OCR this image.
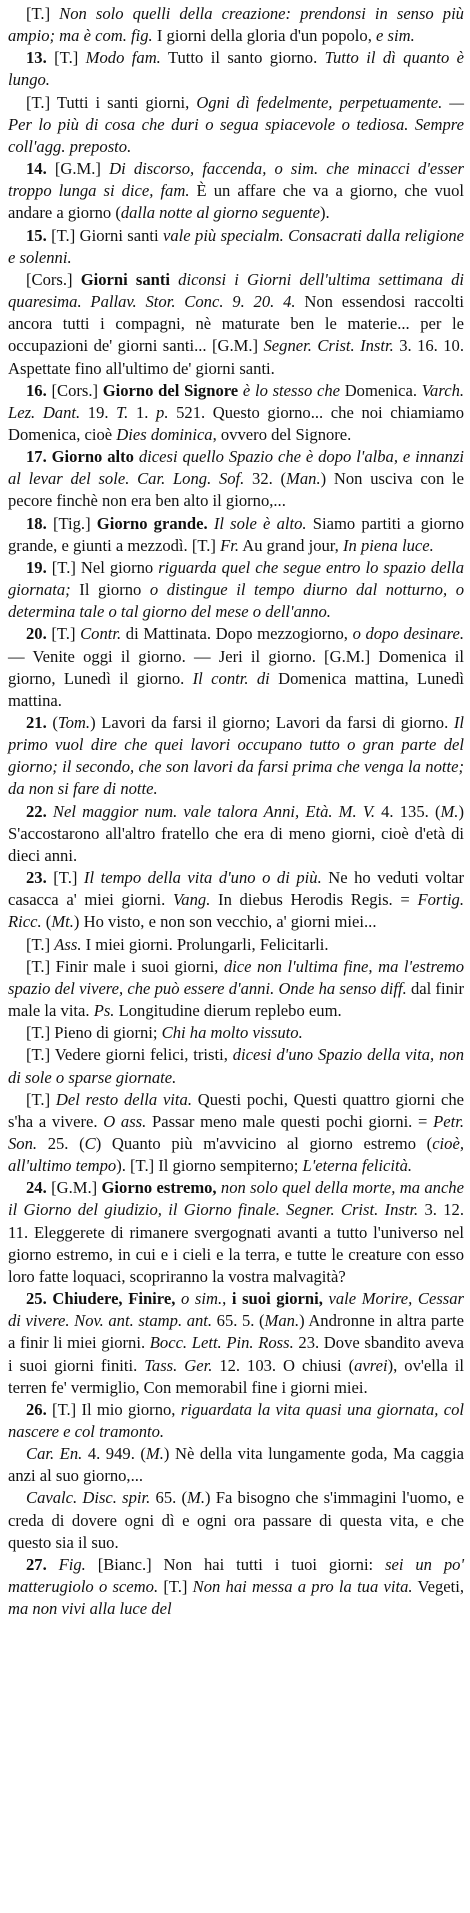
[T.] Non solo quelli della creazione: prendonsi in senso più ampio; ma è com. fig. I giorni della gloria d'un popolo, e sim.

13. [T.] Modo fam. Tutto il santo giorno. Tutto il dì quanto è lungo.

[T.] Tutti i santi giorni, Ogni dì fedelmente, perpetuamente. — Per lo più di cosa che duri o segua spiacevole o tediosa. Sempre coll'agg. preposto.

14. [G.M.] Di discorso, faccenda, o sim. che minacci d'esser troppo lunga si dice, fam. È un affare che va a giorno, che vuol andare a giorno (dalla notte al giorno seguente).

15. [T.] Giorni santi vale più specialm. Consacrati dalla religione e solenni.

[Cors.] Giorni santi diconsi i Giorni dell'ultima settimana di quaresima. Pallav. Stor. Conc. 9. 20. 4. Non essendosi raccolti ancora tutti i compagni, nè maturate ben le materie... per le occupazioni de' giorni santi... [G.M.] Segner. Crist. Instr. 3. 16. 10. Aspettate fino all'ultimo de' giorni santi.

16. [Cors.] Giorno del Signore è lo stesso che Domenica. Varch. Lez. Dant. 19. T. 1. p. 521. Questo giorno... che noi chiamiamo Domenica, cioè Dies dominica, ovvero del Signore.

17. Giorno alto dicesi quello Spazio che è dopo l'alba, e innanzi al levar del sole. Car. Long. Sof. 32. (Man.) Non usciva con le pecore finchè non era ben alto il giorno,...

18. [Tig.] Giorno grande. Il sole è alto. Siamo partiti a giorno grande, e giunti a mezzodì. [T.] Fr. Au grand jour, In piena luce.

19. [T.] Nel giorno riguarda quel che segue entro lo spazio della giornata; Il giorno o distingue il tempo diurno dal notturno, o determina tale o tal giorno del mese o dell'anno.

20. [T.] Contr. di Mattinata. Dopo mezzogiorno, o dopo desinare. — Venite oggi il giorno. — Jeri il giorno. [G.M.] Domenica il giorno, Lunedì il giorno. Il contr. di Domenica mattina, Lunedì mattina.

21. (Tom.) Lavori da farsi il giorno; Lavori da farsi di giorno. Il primo vuol dire che quei lavori occupano tutto o gran parte del giorno; il secondo, che son lavori da farsi prima che venga la notte; da non si fare di notte.

22. Nel maggior num. vale talora Anni, Età. M. V. 4. 135. (M.) S'accostarono all'altro fratello che era di meno giorni, cioè d'età di dieci anni.

23. [T.] Il tempo della vita d'uno o di più. Ne ho veduti voltar casacca a' miei giorni. Vang. In diebus Herodis Regis. = Fortig. Ricc. (Mt.) Ho visto, e non son vecchio, a' giorni miei...

[T.] Ass. I miei giorni. Prolungarli, Felicitarli.

[T.] Finir male i suoi giorni, dice non l'ultima fine, ma l'estremo spazio del vivere, che può essere d'anni. Onde ha senso diff. dal finir male la vita. Ps. Longitudine dierum replebo eum.

[T.] Pieno di giorni; Chi ha molto vissuto.

[T.] Vedere giorni felici, tristi, dicesi d'uno Spazio della vita, non di sole o sparse giornate.

[T.] Del resto della vita. Questi pochi, Questi quattro giorni che s'ha a vivere. O ass. Passar meno male questi pochi giorni. = Petr. Son. 25. (C) Quanto più m'avvicino al giorno estremo (cioè, all'ultimo tempo). [T.] Il giorno sempiterno; L'eterna felicità.

24. [G.M.] Giorno estremo, non solo quel della morte, ma anche il Giorno del giudizio, il Giorno finale. Segner. Crist. Instr. 3. 12. 11. Eleggerete di rimanere svergognati avanti a tutto l'universo nel giorno estremo, in cui e i cieli e la terra, e tutte le creature con esso loro fatte loquaci, scopriranno la vostra malvagità?

25. Chiudere, Finire, o sim., i suoi giorni, vale Morire, Cessar di vivere. Nov. ant. stamp. ant. 65. 5. (Man.) Andronne in altra parte a finir li miei giorni. Bocc. Lett. Pin. Ross. 23. Dove sbandito aveva i suoi giorni finiti. Tass. Ger. 12. 103. O chiusi (avrei), ov'ella il terren fe' vermiglio, Con memorabil fine i giorni miei.

26. [T.] Il mio giorno, riguardata la vita quasi una giornata, col nascere e col tramonto.

Car. En. 4. 949. (M.) Nè della vita lungamente goda, Ma caggia anzi al suo giorno,...

Cavalc. Disc. spir. 65. (M.) Fa bisogno che s'immagini l'uomo, e creda di dovere ogni dì e ogni ora passare di questa vita, e che questo sia il suo.

27. Fig. [Bianc.] Non hai tutti i tuoi giorni: sei un po' matterugiolo o scemo. [T.] Non hai messa a pro la tua vita. Vegeti, ma non vivi alla luce del
